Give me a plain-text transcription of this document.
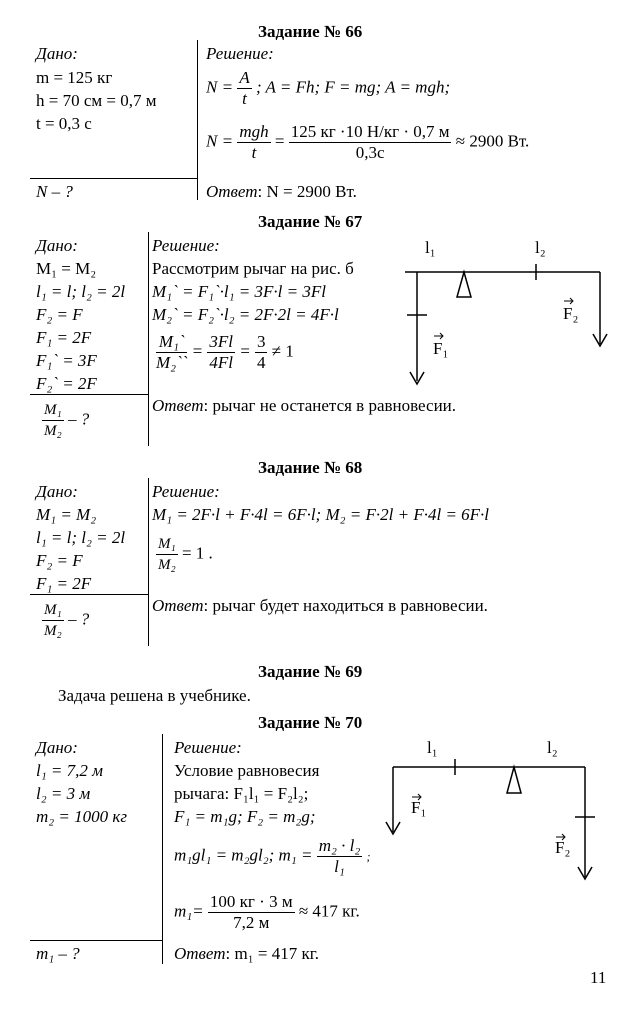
Задание № 66
Дано:
m = 125 кг
h = 70 см = 0,7 м
t = 0,3 с
N – ?
Решение:
$N = \frac{A}{t}$ ; A = Fh; F = mg; A = mgh;
N = mgh
t
= 125 кг ·10 Н/кг · 0,7 м
0,3с
≈ 2900 Вт.
Ответ: N = 2900 Вт.
Задание № 67
Дано:
M₁ = M₂
l₁ = l; l₂ = 2l
F₂ = F
F₁ = 2F
F₁` = 3F
F₂` = 2F
$\frac{\text{M₁}}{\text{M₂}}$ – ?
Решение:
Рассмотрим рычаг на рис. б
M₁` = F₁`·l₁ = 3F·l = 3Fl
M₂` = F₂`·l₂ = 2F·2l = 4F·l
$\frac{\text{M₁`}}{\text{M₂``}} = \frac{3Fl}{4Fl} = \frac{3}{4} \ne 1$
Ответ: рычаг не останется в равновесии.
l₁	l₂
F₁
F₂
Задание № 68
Дано:
M₁ = M₂
l₁ = l; l₂ = 2l
F₂ = F
F₁ = 2F
$\frac{\text{M₁}}{\text{M₂}}$ – ?
Решение:
M₁ = 2F·l + F·4l = 6F·l; M₂ = F·2l + F·4l = 6F·l
$\frac{\text{M₁}}{\text{M₂}} = 1$ .
Ответ: рычаг будет находиться в равновесии.
Задание № 69
Задача решена в учебнике.
Задание № 70
Дано:
l₁ = 7,2 м
l₂ = 3 м
m₂ = 1000 кг
m₁ – ?
Решение:
Условие равновесия
рычага: F₁l₁ = F₂l₂;
F₁ = m₁g; F₂ = m₂g;
m₁gl₁ = m₂gl₂; $m_1 = \frac{\text{m₂ · l₂}}{\text{l₁}}$ ;
m₁= 100 кг · 3 м
7,2 м
≈ 417 кг.
Ответ: m₁ = 417 кг.
l₁	l₂
F₁
F₂
11
